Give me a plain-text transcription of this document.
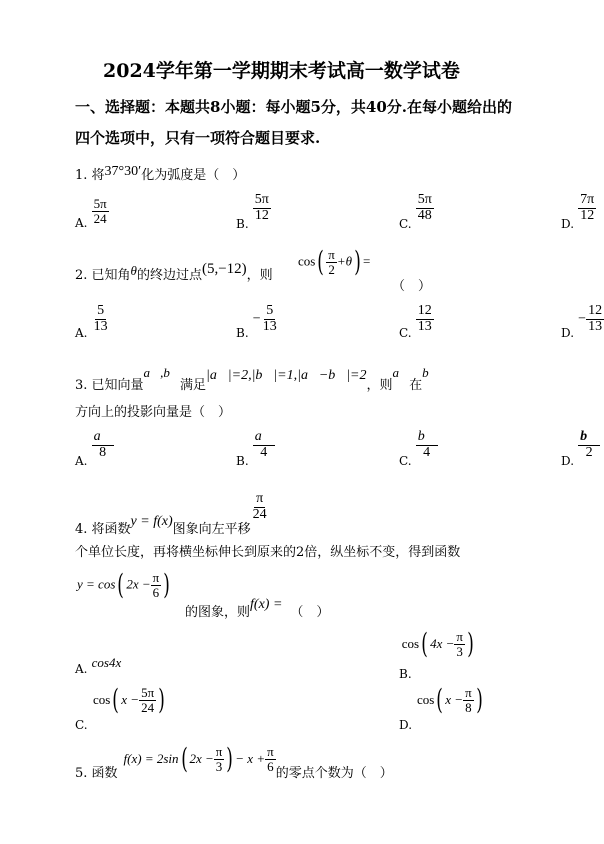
2024学年第一学期期末考试高一数学试卷
一、选择题：本题共8小题：每小题5分，共40分.在每小题给出的
四个选项中，只有一项符合题目要求.
1. 将37°30′化为弧度是（　）
A. $\frac{5\pi}{24}$	B.
$\frac{5\pi}{12}$
C.
$\frac{5\pi}{48}$
D.
$\frac{7\pi}{12}$
2. 已知角θ的终边过点(5,−12)，则
$\cos( \frac{\pi}{2} +\theta)$ =
（　）
A. $\frac{5}{13}$	B. − $\frac{5}{13}$	C. $\frac{12}{13}$	D. − $\frac{12}{13}$
3. 已知向量a⃗,b⃗满足|a⃗|=2,|b⃗|=1,|a⃗−b⃗|=2，则a⃗在b⃗
方向上的投影向量是（　）
A.
$\frac{a⃗}{8}$
B.
$\frac{a⃗}{4}$
C.
$\frac{b⃗}{4}$
D.
$\frac{b⃗}{2}$
4. 将函数y = f(x)图象向左平移
$\frac{\pi}{24}$
个单位长度，再将横坐标伸长到原来的2倍，纵坐标不变，得到函数
y = cos( $2x - \frac{\pi}{6}$ )
的图象，则f(x) =（　）
A. cos4x
B. cos( $4x - \frac{\pi}{3}$ )
cos( $x - \frac{5\pi}{24}$ )
C.
cos( $x - \frac{\pi}{8}$ )
D.
5. 函数f(x) = 2sin( $2x - \frac{\pi}{3}$ ) − $x + \frac{\pi}{6}$ 的零点个数为（　）
